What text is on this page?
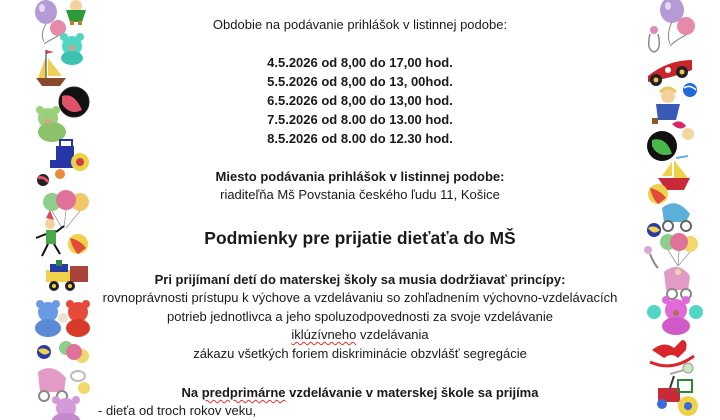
Obdobie na podávanie prihlášok v listinnej podobe:
4.5.2026 od 8,00 do 17,00 hod.
5.5.2026 od 8,00 do 13, 00hod.
6.5.2026 od 8,00 do 13,00 hod.
7.5.2026 od 8.00 do 13.00 hod.
8.5.2026 od 8.00 do 12.30 hod.
Miesto podávania prihlášok v listinnej podobe:
riaditeľňa Mš Povstania českého ľudu 11, Košice
Podmienky pre prijatie dieťaťa do MŠ
Pri prijímaní detí do materskej školy sa musia dodržiavať princípy:
rovnoprávnosti prístupu k výchove a vzdelávaniu so zohľadnením výchovno-vzdelávacích
potrieb jednotlivca a jeho spoluzodpovednosti za svoje vzdelávanie
iklúzívneho vzdelávania
zákazu všetkých foriem diskriminácie obzvlášť segregácie
Na predprimárne vzdelávanie v materskej škole sa prijíma
- dieťa od troch rokov veku,
